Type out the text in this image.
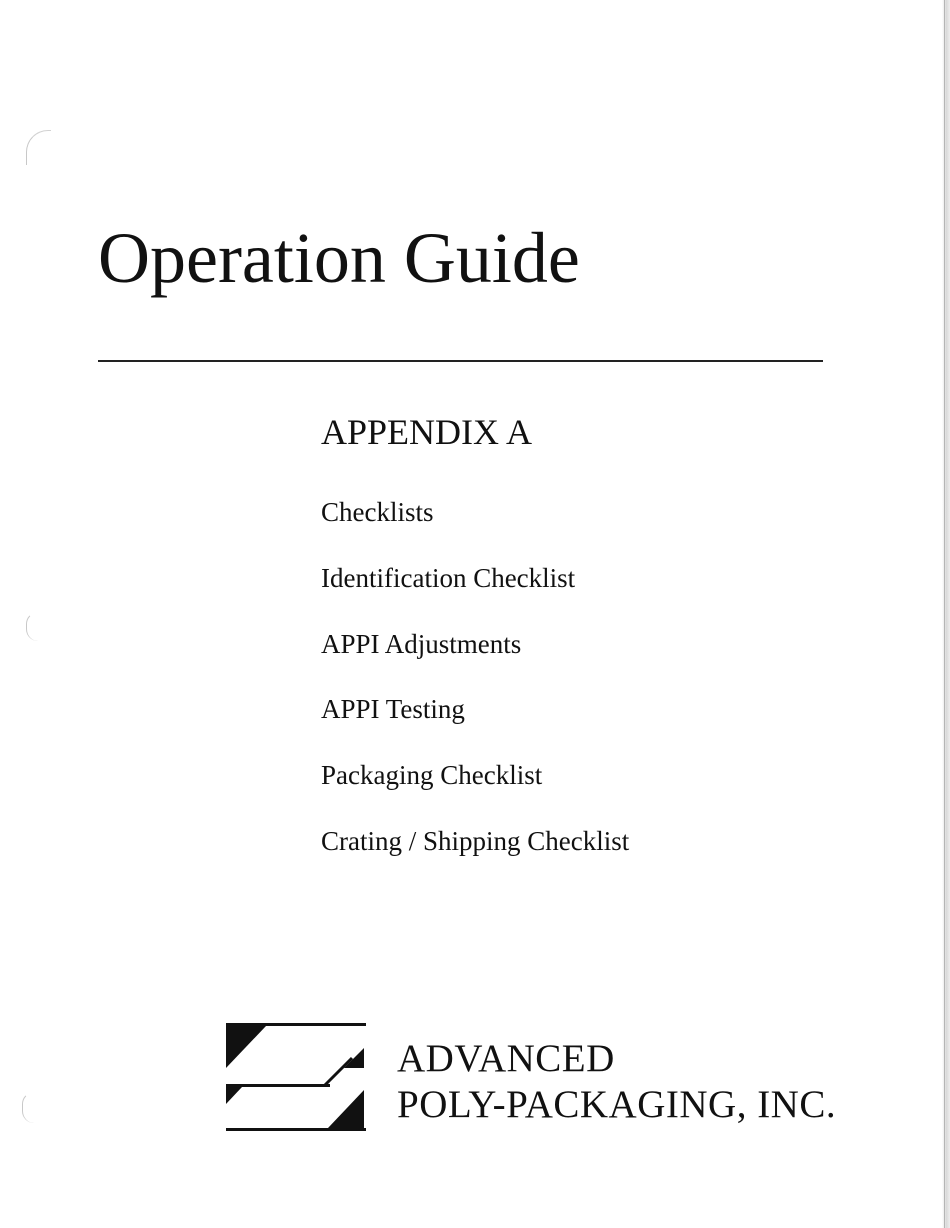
Operation Guide
APPENDIX A
Checklists
Identification Checklist
APPI Adjustments
APPI Testing
Packaging Checklist
Crating / Shipping Checklist
ADVANCED
POLY-PACKAGING, INC.
